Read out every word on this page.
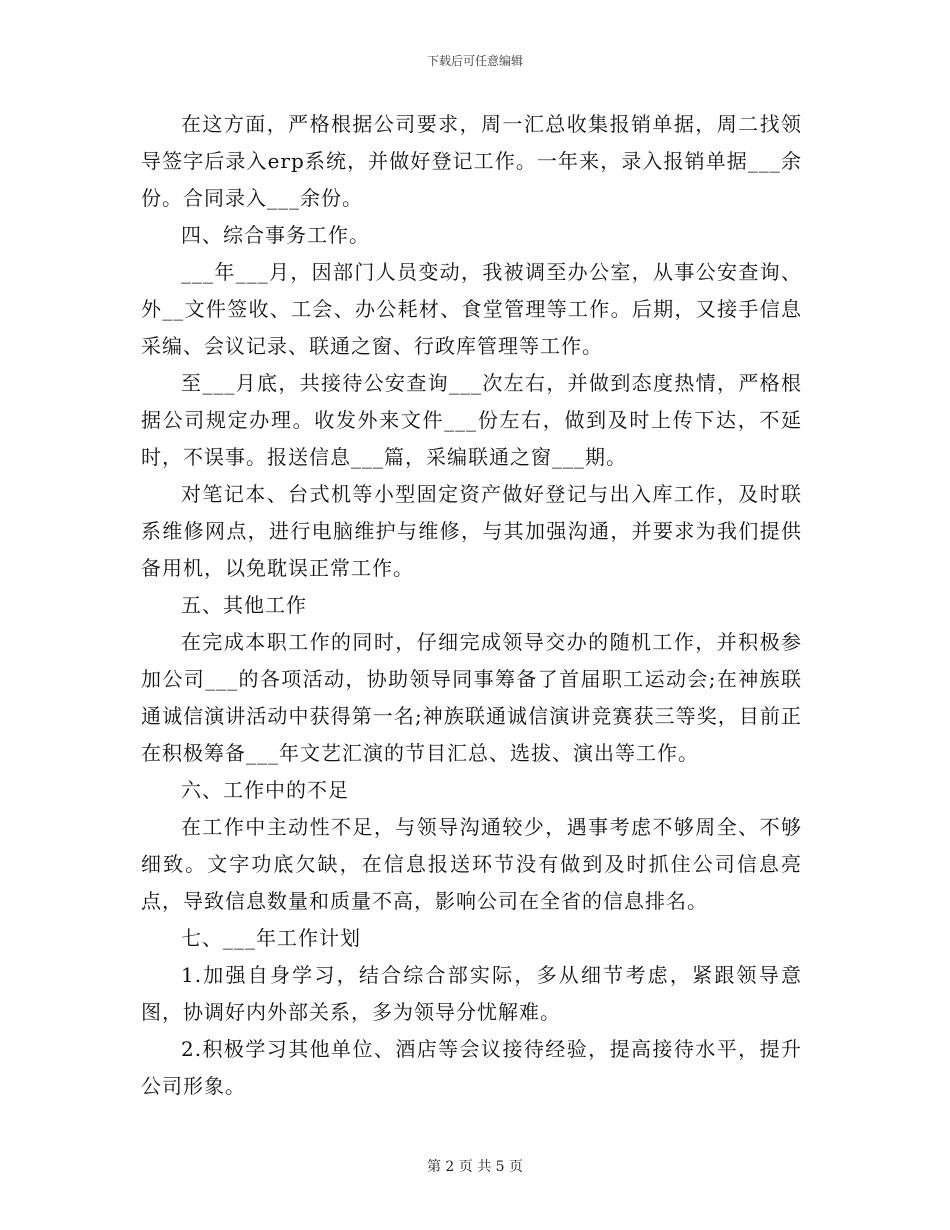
下载后可任意编辑

在这方面，严格根据公司要求，周一汇总收集报销单据，周二找领导签字后录入erp系统，并做好登记工作。一年来，录入报销单据___余份。合同录入___余份。

四、综合事务工作。

___年___月，因部门人员变动，我被调至办公室，从事公安查询、外__文件签收、工会、办公耗材、食堂管理等工作。后期，又接手信息采编、会议记录、联通之窗、行政库管理等工作。

至___月底，共接待公安查询___次左右，并做到态度热情，严格根据公司规定办理。收发外来文件___份左右，做到及时上传下达，不延时，不误事。报送信息___篇，采编联通之窗___期。

对笔记本、台式机等小型固定资产做好登记与出入库工作，及时联系维修网点，进行电脑维护与维修，与其加强沟通，并要求为我们提供备用机，以免耽误正常工作。

五、其他工作

在完成本职工作的同时，仔细完成领导交办的随机工作，并积极参加公司___的各项活动，协助领导同事筹备了首届职工运动会;在神族联通诚信演讲活动中获得第一名;神族联通诚信演讲竞赛获三等奖，目前正在积极筹备___年文艺汇演的节目汇总、选拔、演出等工作。

六、工作中的不足

在工作中主动性不足，与领导沟通较少，遇事考虑不够周全、不够细致。文字功底欠缺，在信息报送环节没有做到及时抓住公司信息亮点，导致信息数量和质量不高，影响公司在全省的信息排名。

七、___年工作计划

1.加强自身学习，结合综合部实际，多从细节考虑，紧跟领导意图，协调好内外部关系，多为领导分忧解难。

2.积极学习其他单位、酒店等会议接待经验，提高接待水平，提升公司形象。

第 2 页 共 5 页
